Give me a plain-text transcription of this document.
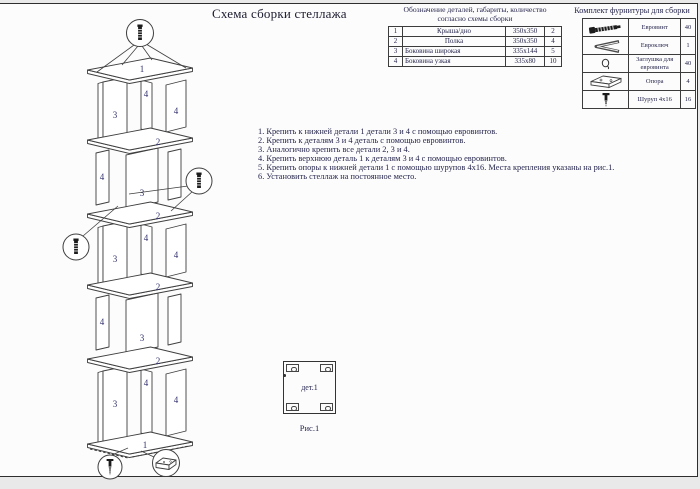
Схема сборки стеллажа	Обозначение деталей, габариты, количество
согласно схемы сборки
1	Крыша/дно	350x350	2
2	Полка	350x350	4
3	Боковина широкая	335x144	5
4	Боковина узкая	335x80	10
Комплект фурнитуры для сборки
	Евровинт	40

	Евроключ	1

	Заглушка для евровинта	40

	Опора	4

	Шуруп 4x16	16
1. Крепить к нижней детали 1 детали 3 и 4 с помощью евровинтов.
2. Крепить к деталям 3 и 4 деталь с помощью евровинтов.
3. Аналогично крепить все детали 2, 3 и 4.
4. Крепить верхнюю деталь 1 к деталям 3 и 4 с помощью евровинтов.
5. Крепить опоры к нижней детали 1 с помощью шурупов 4x16. Места крепления указаны на рис.1.
6. Установить стеллаж на постоянное место.
дет.1
Рис.1
3
4
4
4
3
3
4
4
4
3
3
4
4
1
2
2
2
2
1
